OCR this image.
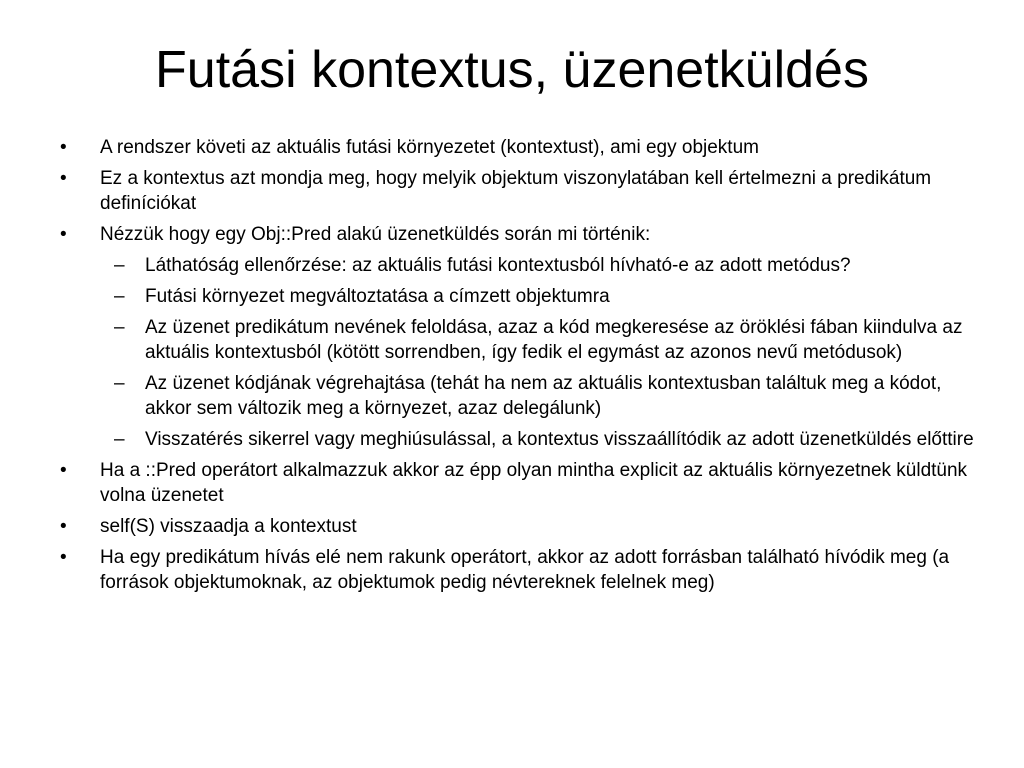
Futási kontextus, üzenetküldés
• A rendszer követi az aktuális futási környezetet (kontextust), ami egy objektum
• Ez a kontextus azt mondja meg, hogy melyik objektum viszonylatában kell értelmezni a predikátum definíciókat
• Nézzük hogy egy Obj::Pred alakú üzenetküldés során mi történik:
– Láthatóság ellenőrzése: az aktuális futási kontextusból hívható-e az adott metódus?
– Futási környezet megváltoztatása a címzett objektumra
– Az üzenet predikátum nevének feloldása, azaz a kód megkeresése az öröklési fában kiindulva az aktuális kontextusból (kötött sorrendben, így fedik el egymást az azonos nevű metódusok)
– Az üzenet kódjának végrehajtása (tehát ha nem az aktuális kontextusban találtuk meg a kódot, akkor sem változik meg a környezet, azaz delegálunk)
– Visszatérés sikerrel vagy meghiúsulással, a kontextus visszaállítódik az adott üzenetküldés előttire
• Ha a ::Pred operátort alkalmazzuk akkor az épp olyan mintha explicit az aktuális környezetnek küldtünk volna üzenetet
• self(S) visszaadja a kontextust
• Ha egy predikátum hívás elé nem rakunk operátort, akkor az adott forrásban található hívódik meg (a források objektumoknak, az objektumok pedig névtereknek felelnek meg)
